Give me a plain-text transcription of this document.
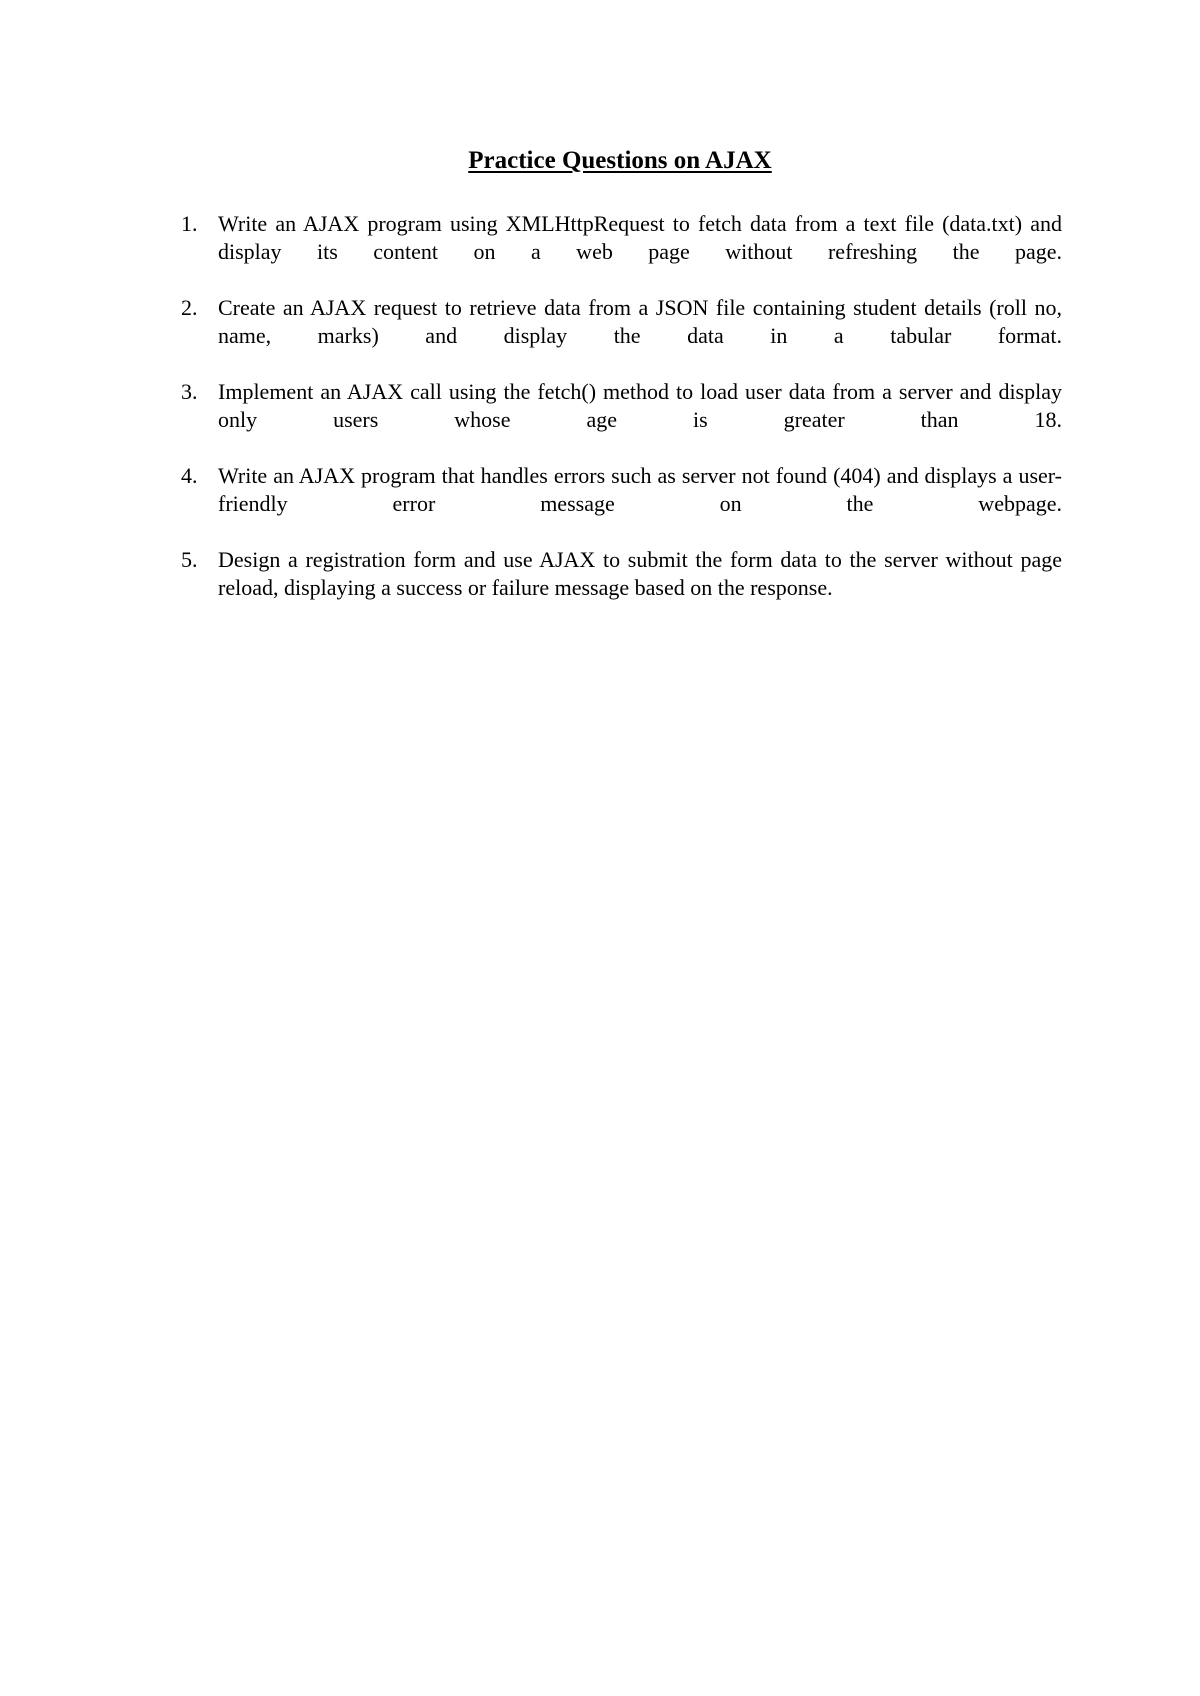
Practice Questions on AJAX
1. Write an AJAX program using XMLHttpRequest to fetch data from a text file (data.txt) and display its content on a web page without refreshing the page.

2. Create an AJAX request to retrieve data from a JSON file containing student details (roll no, name, marks) and display the data in a tabular format.

3. Implement an AJAX call using the fetch() method to load user data from a server and display only users whose age is greater than 18.

4. Write an AJAX program that handles errors such as server not found (404) and displays a user-friendly error message on the webpage.

5. Design a registration form and use AJAX to submit the form data to the server without page reload, displaying a success or failure message based on the response.
